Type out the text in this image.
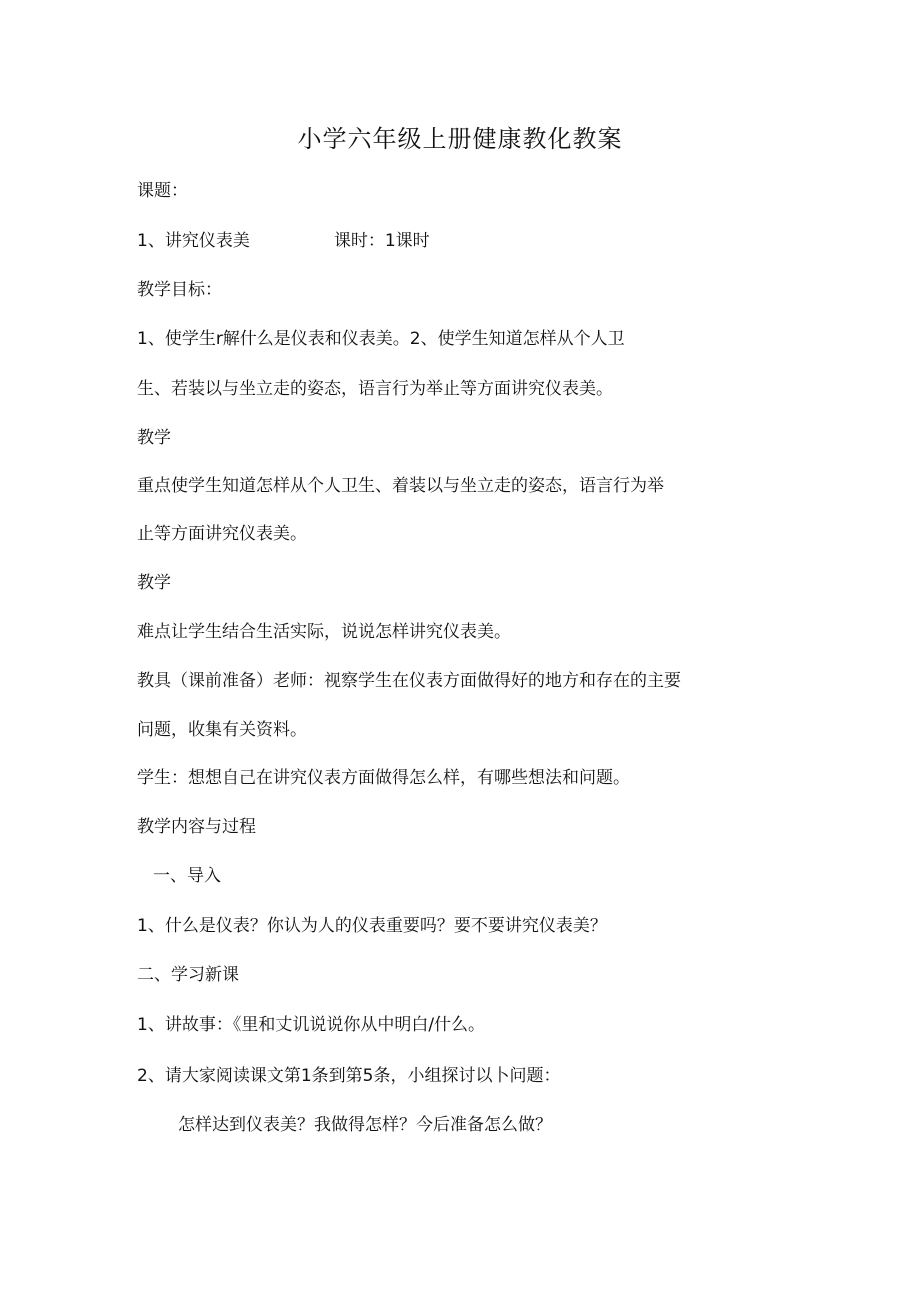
小学六年级上册健康教化教案
课题：
1、讲究仪表美	课时：1课时
教学目标：
1、使学生r解什么是仪表和仪表美。2、使学生知道怎样从个人卫
生、若装以与坐立走的姿态，语言行为举止等方面讲究仪表美。
教学
重点使学生知道怎样从个人卫生、着装以与坐立走的姿态，语言行为举
止等方面讲究仪表美。
教学
难点让学生结合生活实际，说说怎样讲究仪表美。
教具（课前准备）老师：视察学生在仪表方面做得好的地方和存在的主要
问题，收集有关资料。
学生：想想自己在讲究仪表方面做得怎么样，有哪些想法和问题。
教学内容与过程
一、导入
1、什么是仪表？你认为人的仪表重要吗？要不要讲究仪表美？
二、学习新课
1、讲故事：《里和丈讥说说你从中明白/什么。
2、请大家阅读课文第1条到第5条，小组探讨以卜问题：
怎样达到仪表美？我做得怎样？今后准备怎么做？
